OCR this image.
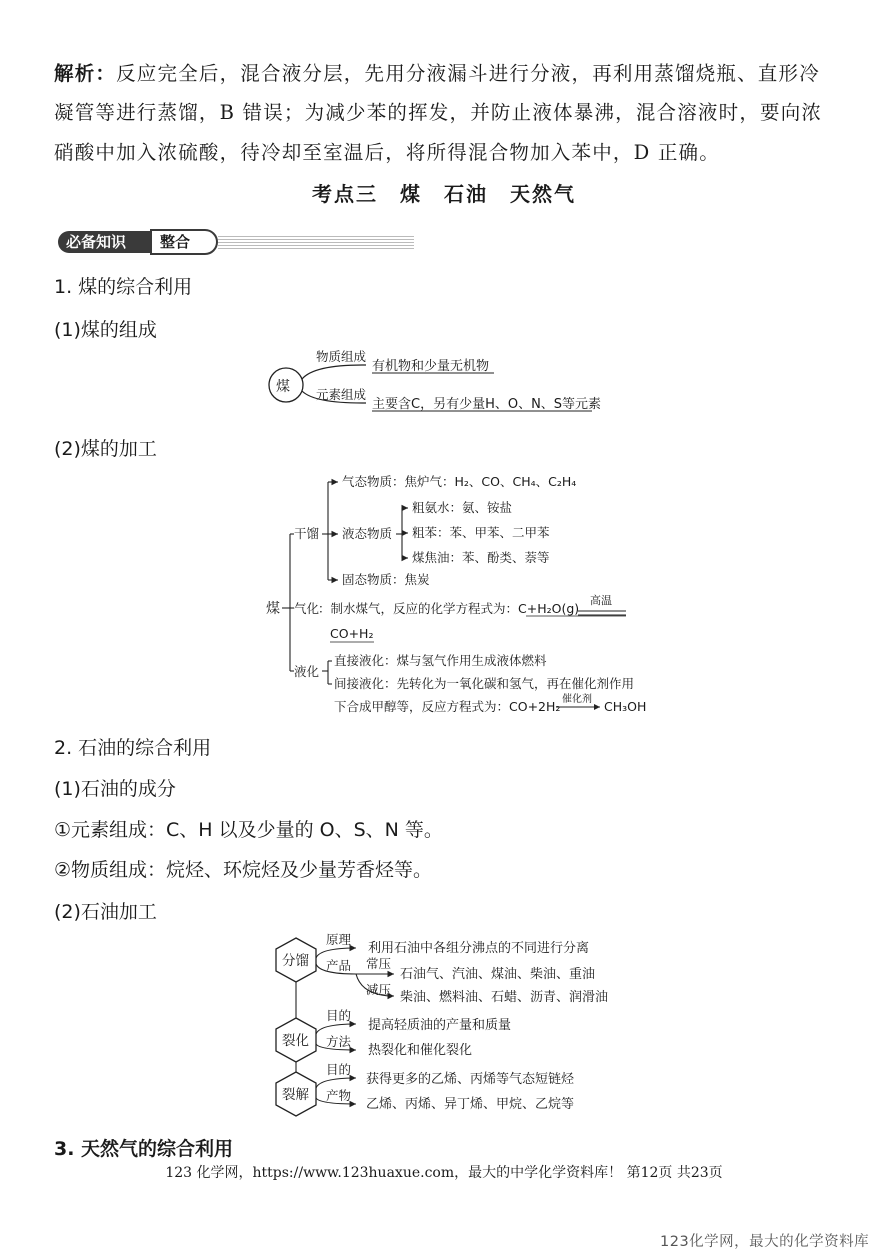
解析：反应完全后，混合液分层，先用分液漏斗进行分液，再利用蒸馏烧瓶、直形冷
凝管等进行蒸馏，B 错误；为减少苯的挥发，并防止液体暴沸，混合溶液时，要向浓
硝酸中加入浓硫酸，待冷却至室温后，将所得混合物加入苯中，D 正确。
考点三　煤　石油　天然气
必备知识	整合
1. 煤的综合利用
(1)煤的组成
煤
物质组成
元素组成
有机物和少量无机物
主要含C，另有少量H、O、N、S等元素
(2)煤的加工
煤
干馏
气化
：制水煤气，反应的化学方程式为：C+H₂O(g)
高温
CO+H₂
液化
气态物质：焦炉气：H₂、CO、CH₄、C₂H₄
液态物质
固态物质：焦炭
粗氨水：氨、铵盐
粗苯：苯、甲苯、二甲苯
煤焦油：苯、酚类、萘等
直接液化：煤与氢气作用生成液体燃料
间接液化：先转化为一氧化碳和氢气，再在催化剂作用
下合成甲醇等，反应方程式为：CO+2H₂ 催化剂 CH₃OH
2. 石油的综合利用
(1)石油的成分
①元素组成：C、H 以及少量的 O、S、N 等。
②物质组成：烷烃、环烷烃及少量芳香烃等。
(2)石油加工
分馏
裂化
裂解
原理
利用石油中各组分沸点的不同进行分离
产品 常压
石油气、汽油、煤油、柴油、重油
减压
柴油、燃料油、石蜡、沥青、润滑油
目的
提高轻质油的产量和质量
方法
热裂化和催化裂化
目的
获得更多的乙烯、丙烯等气态短链烃
产物
乙烯、丙烯、异丁烯、甲烷、乙烷等
3. 天然气的综合利用
123 化学网，https://www.123huaxue.com，最大的中学化学资料库！ 第12页 共23页
123化学网，最大的化学资料库
